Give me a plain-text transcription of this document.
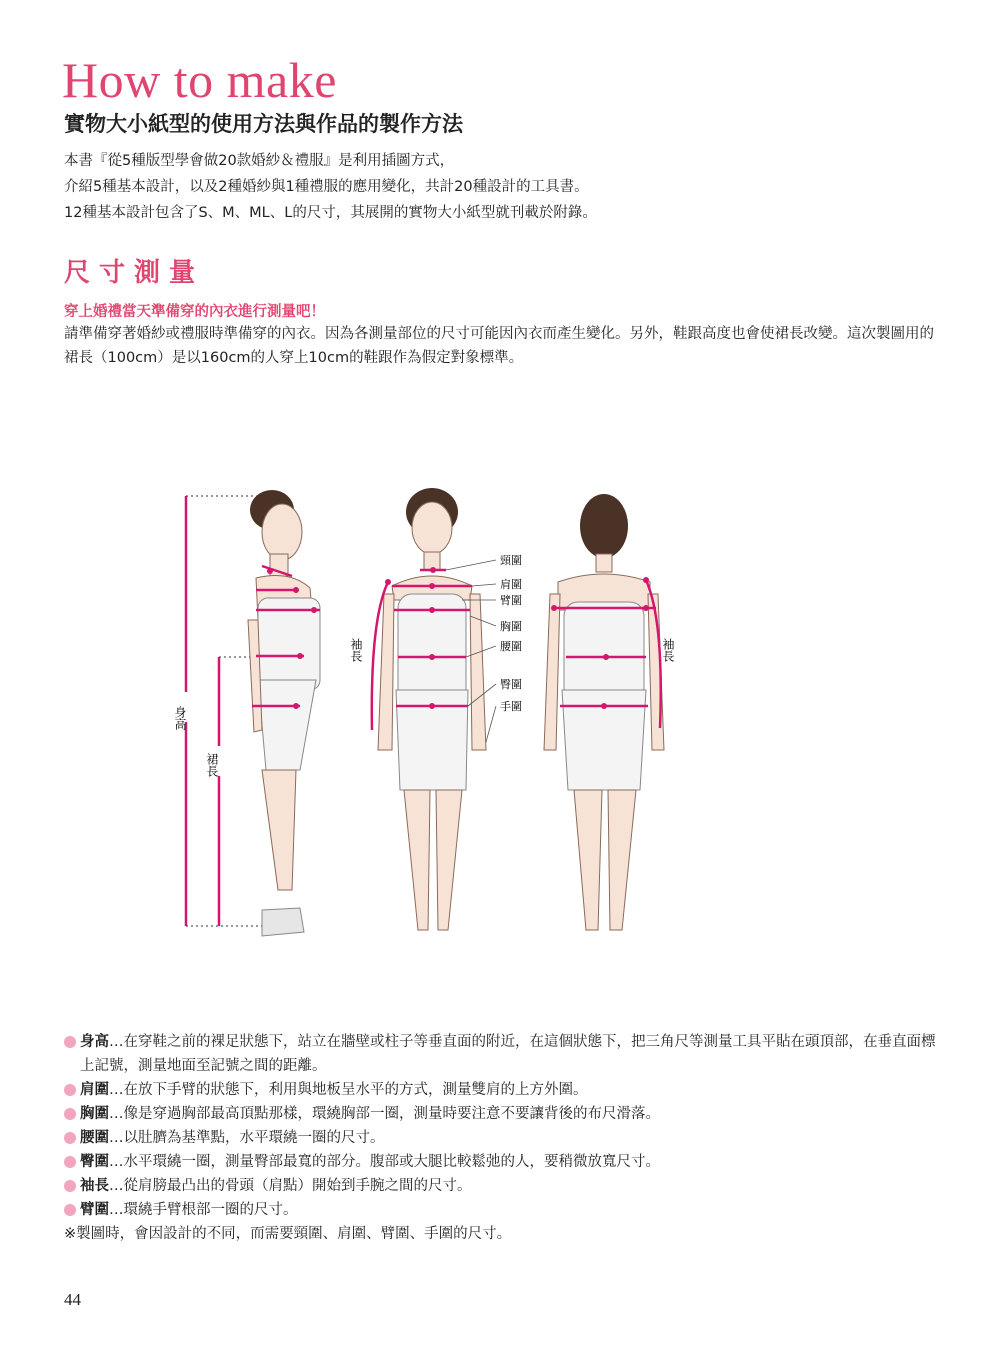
How to make
實物大小紙型的使用方法與作品的製作方法

本書『從5種版型學會做20款婚紗＆禮服』是利用插圖方式，

介紹5種基本設計，以及2種婚紗與1種禮服的應用變化，共計20種設計的工具書。

12種基本設計包含了S、M、ML、L的尺寸，其展開的實物大小紙型就刊載於附錄。

尺寸測量

穿上婚禮當天準備穿的內衣進行測量吧！

請準備穿著婚紗或禮服時準備穿的內衣。因為各測量部位的尺寸可能因內衣而產生變化。另外，鞋跟高度也會使裙長改變。這次製圖用的裙長（100cm）是以160cm的人穿上10cm的鞋跟作為假定對象標準。

身高
裙長
袖長
頸圍
肩圍
臂圍
胸圍
腰圍
臀圍
手圍
袖長

身高…在穿鞋之前的裸足狀態下，站立在牆壁或柱子等垂直面的附近，在這個狀態下，把三角尺等測量工具平貼在頭頂部，在垂直面標上記號，測量地面至記號之間的距離。

肩圍…在放下手臂的狀態下，利用與地板呈水平的方式，測量雙肩的上方外圍。

胸圍…像是穿過胸部最高頂點那樣，環繞胸部一圈，測量時要注意不要讓背後的布尺滑落。

腰圍…以肚臍為基準點，水平環繞一圈的尺寸。

臀圍…水平環繞一圈，測量臀部最寬的部分。腹部或大腿比較鬆弛的人，要稍微放寬尺寸。

袖長…從肩膀最凸出的骨頭（肩點）開始到手腕之間的尺寸。

臂圍…環繞手臂根部一圈的尺寸。

※製圖時，會因設計的不同，而需要頸圍、肩圍、臂圍、手圍的尺寸。

44
